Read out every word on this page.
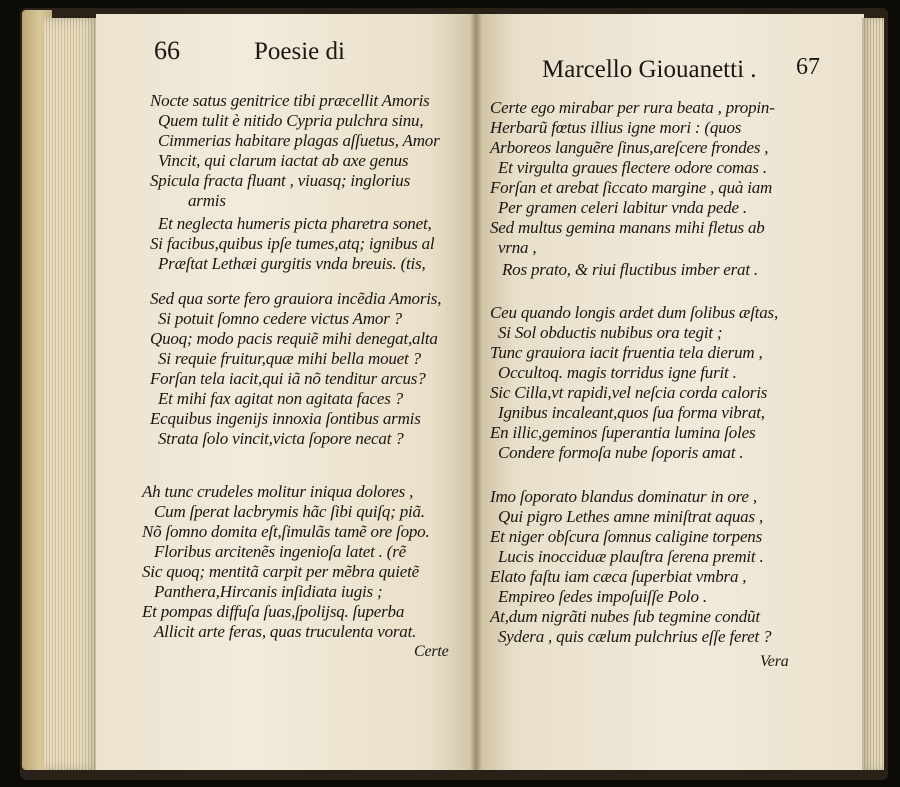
66	Poesie di
Nocte satus genitrice tibi præcellit Amoris
Quem tulit è nitido Cypria pulchra sinu,
Cimmerias habitare plagas aſſuetus, Amor
Vincit, qui clarum iactat ab axe genus
Spicula fracta fluant , viuasq; inglorius
armis
Et neglecta humeris picta pharetra sonet,
Si facibus,quibus ipſe tumes,atq; ignibus al
Præſtat Lethæi gurgitis vnda breuis. (tis,
Sed qua sorte fero grauiora incẽdia Amoris,
Si potuit ſomno cedere victus Amor ?
Quoq; modo pacis requiẽ mihi denegat,alta
Si requie fruitur,quæ mihi bella mouet ?
Forſan tela iacit,qui iã nõ tenditur arcus?
Et mihi fax agitat non agitata faces ?
Ecquibus ingenijs innoxia ſontibus armis
Strata ſolo vincit,victa ſopore necat ?
Ah tunc crudeles molitur iniqua dolores ,
Cum ſperat lacbrymis hãc ſibi quiſq; piã.
Nõ ſomno domita eſt,ſimulãs tamẽ ore ſopo.
Floribus arcitenẽs ingenioſa latet . (rẽ
Sic quoq; mentitã carpit per mẽbra quietẽ
Panthera,Hircanis inſidiata iugis ;
Et pompas diffuſa ſuas,ſpolijsq. ſuperba
Allicit arte feras, quas truculenta vorat.
Certe
Marcello Giouanetti . 67
Certe ego mirabar per rura beata , propin-
Herbarũ fœtus illius igne mori : (quos
Arboreos languẽre ſinus,areſcere frondes ,
Et virgulta graues flectere odore comas .
Forſan et arebat ſiccato margine , quà iam
Per gramen celeri labitur vnda pede .
Sed multus gemina manans mihi fletus ab
vrna ,
Ros prato, & riui fluctibus imber erat .
Ceu quando longis ardet dum ſolibus æſtas,
Si Sol obductis nubibus ora tegit ;
Tunc grauiora iacit fruentia tela dierum ,
Occultoq. magis torridus igne furit .
Sic Cilla,vt rapidi,vel neſcia corda caloris
Ignibus incaleant,quos ſua forma vibrat,
En illic,geminos ſuperantia lumina ſoles
Condere formoſa nube ſoporis amat .
Imo ſoporato blandus dominatur in ore ,
Qui pigro Lethes amne miniſtrat aquas ,
Et niger obſcura ſomnus caligine torpens
Lucis inocciduæ plauſtra ſerena premit .
Elato faſtu iam cæca ſuperbiat vmbra ,
Empireo ſedes impoſuiſſe Polo .
At,dum nigrãti nubes ſub tegmine condũt
Sydera , quis cælum pulchrius eſſe feret ?
Vera
